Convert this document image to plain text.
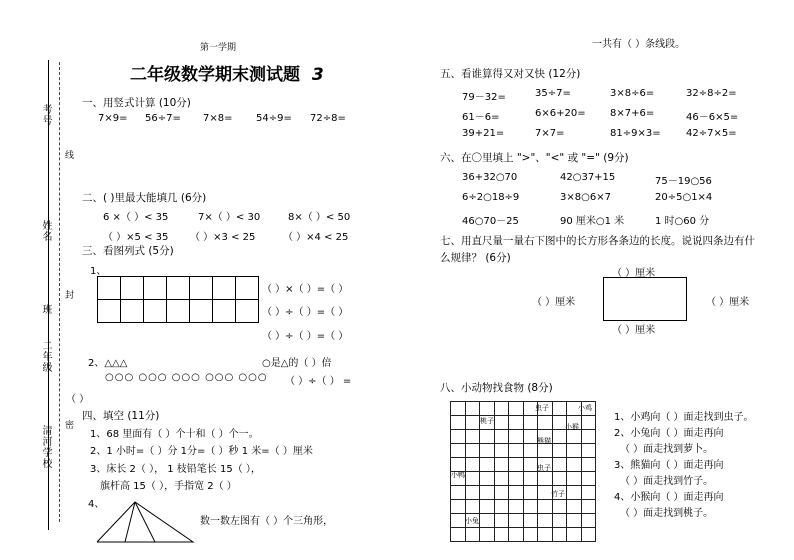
考号
姓名
班
二年级
清河学校
线
封
密
第一学期
二年级数学期末测试题 3
一、用竖式计算 (10分)
7×9= 56÷7= 7×8= 54÷9= 72÷8=
二、( )里最大能填几 (6分)
6 ×（ ）< 35	7×（ ）< 30	8×（ ）< 50
（ ）×5 < 35 （ ）×3 < 25	（ ）×4 < 25
三、看图列式 (5分)
1、
（ ）×（ ）=（ ）
（ ）÷（ ）=（ ）
（ ）÷（ ）=（ ）
2、△△△	○是△的（ ）倍
○○○ ○○○ ○○○ ○○○ ○○○ （ ）÷（ ） =
（ ）
四、填空 (11分)
1、68 里面有（ ）个十和（ ）个一。
2、1 小时=（ ）分 1分=（ ）秒 1 米=（ ）厘米
3、床长 2（ ）， 1 枝铅笔长 15（ ），
旗杆高 15（ ），手指宽 2（ ）
4、
数一数左图有（ ）个三角形，
一共有（ ）条线段。
五、看谁算得又对又快 (12分)
79－32=	35÷7=	3×8÷6=	32÷8÷2=
61－6=	6×6+20= 8×7+6=	46－6×5=
39+21=	7×7=	81÷9×3=	42÷7×5=
六、在〇里填上 ">"、"<" 或 "=" (9分)
36+32○70	42○37+15	75－19○56
6÷2○18÷9	3×8○6×7	20÷5○1×4
46○70－25	90 厘米○1 米	1 时○60 分
七、用直尺量一量右下图中的长方形各条边的长度。说说四条边有什
么规律？ (6分)
（ ）厘米
（ ）厘米	（ ）厘米
（ ）厘米
八、小动物找食物 (8分)
虫子	小鸡
桃子
小猴
熊猫
虫子
小鸭
竹子
小兔
1、小鸡向（ ）面走找到虫子。
2、小兔向（ ）面走再向
（ ）面走找到萝卜。
3、熊猫向（ ）面走再向
（ ）面走找到竹子。
4、小猴向（ ）面走再向
（ ）面走找到桃子。
